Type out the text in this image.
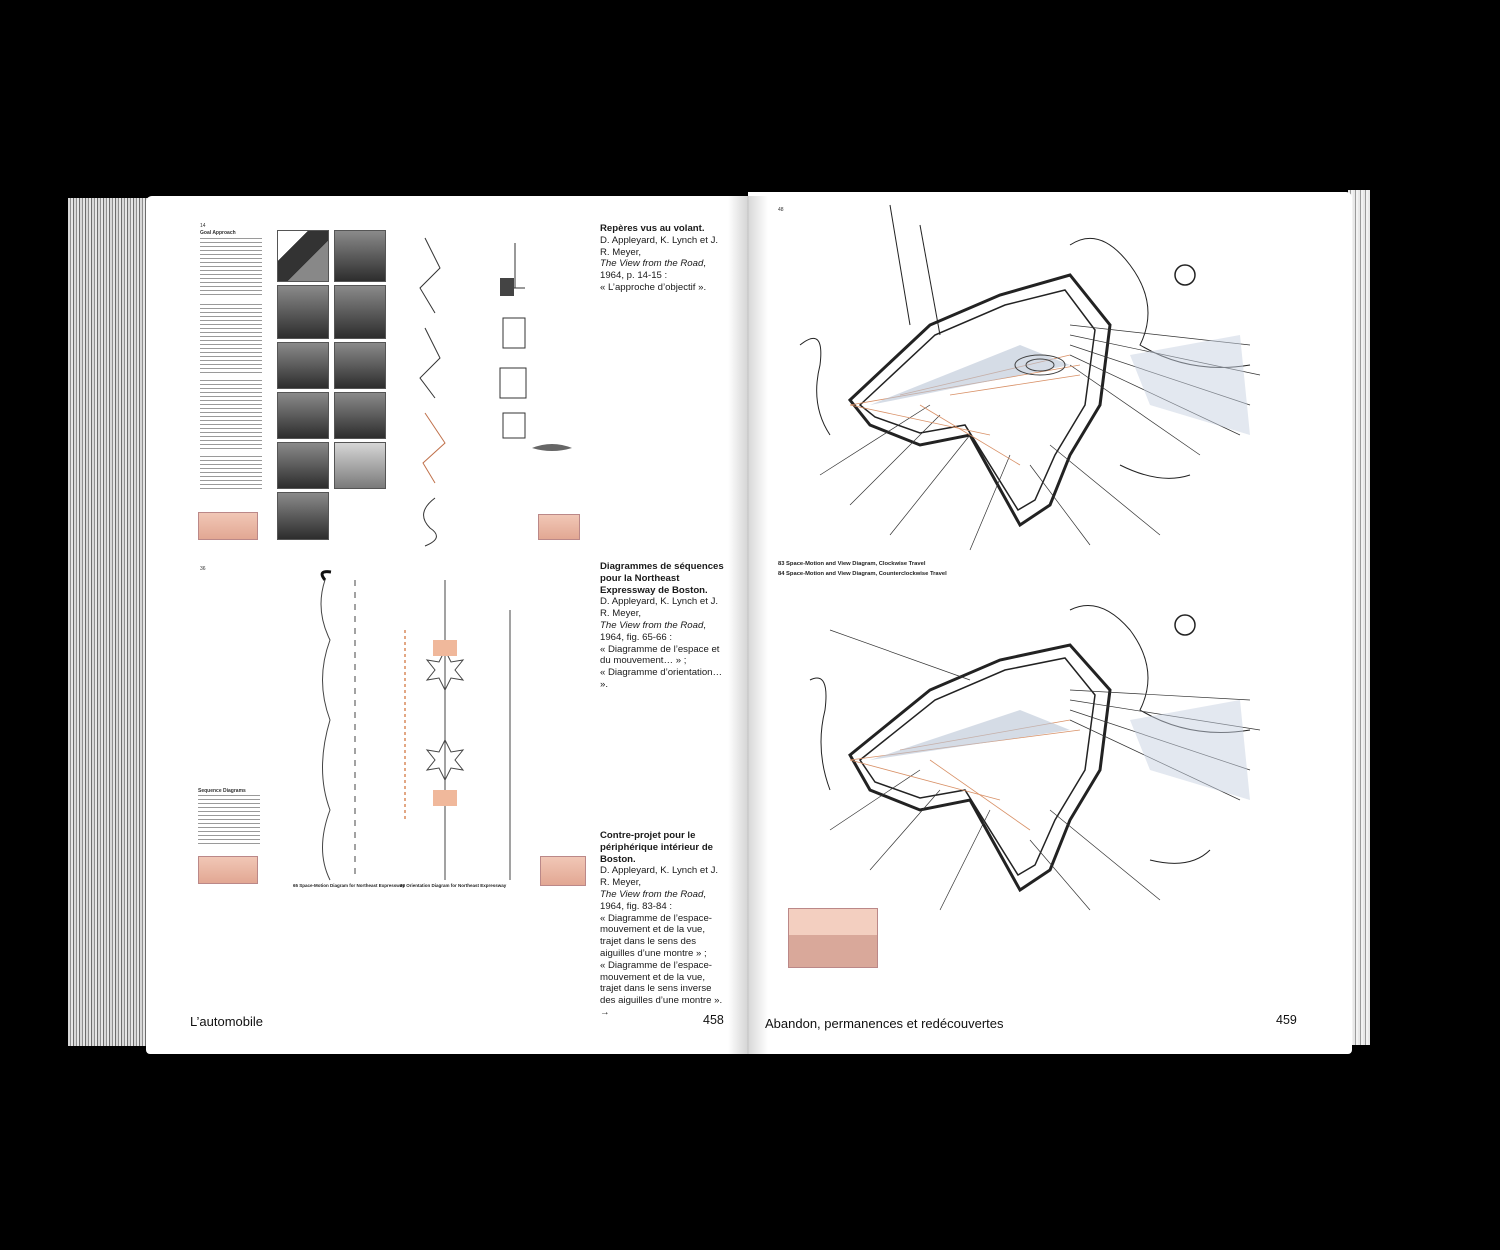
14
Goal Approach
36
Sequence Diagrams
65 Space-Motion Diagram for Northeast Expressway
66 Orientation Diagram for Northeast Expressway
Repères vus au volant.
D. Appleyard, K. Lynch et J. R. Meyer,
The View from the Road, 1964, p. 14-15 :
« L’approche d’objectif ».
Diagrammes de séquences pour la Northeast Expressway de Boston.
D. Appleyard, K. Lynch et J. R. Meyer,
The View from the Road, 1964, fig. 65-66 :
« Diagramme de l’espace et du mouvement… » ;
« Diagramme d’orientation… ».
Contre-projet pour le périphérique intérieur de Boston.
D. Appleyard, K. Lynch et J. R. Meyer,
The View from the Road, 1964, fig. 83-84 :
« Diagramme de l’espace-mouvement et de la vue, trajet dans le sens des aiguilles d’une montre » ;
« Diagramme de l’espace-mouvement et de la vue, trajet dans le sens inverse des aiguilles d’une montre ». →
L’automobile	458
48
83 Space-Motion and View Diagram, Clockwise Travel
84 Space-Motion and View Diagram, Counterclockwise Travel
Abandon, permanences et redécouvertes	459
